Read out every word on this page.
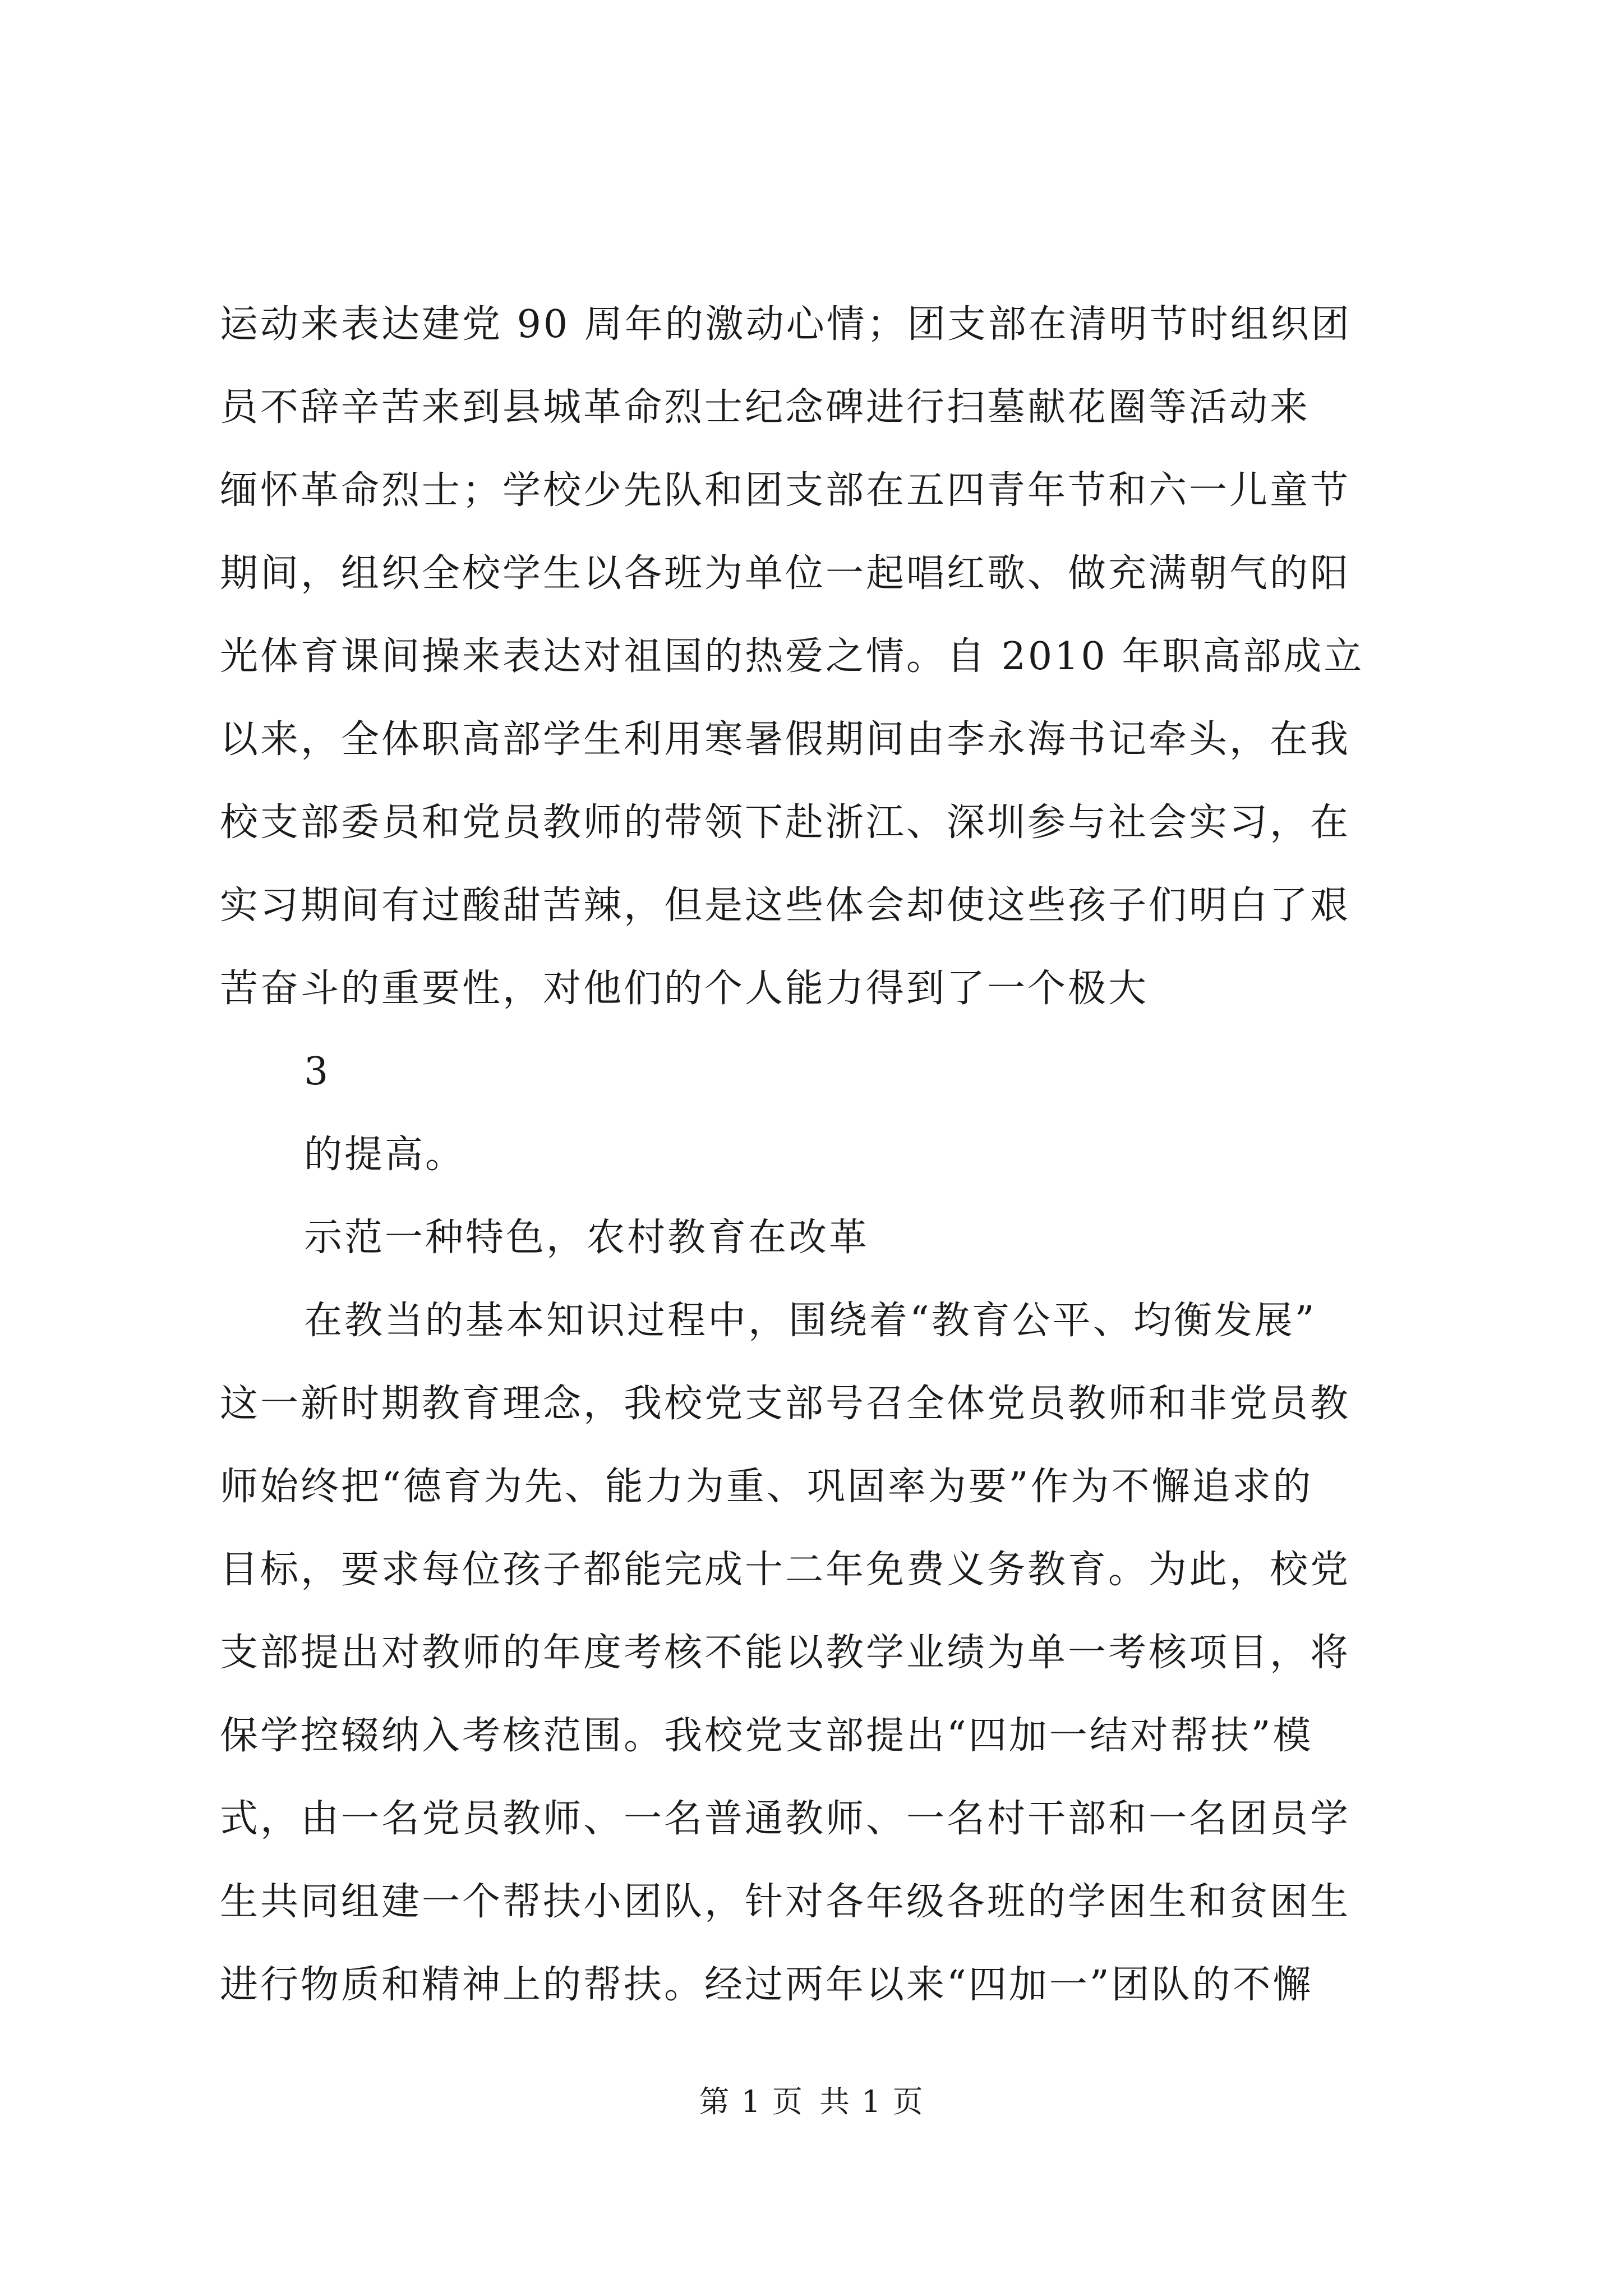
运动来表达建党 90 周年的激动心情；团支部在清明节时组织团

员不辞辛苦来到县城革命烈士纪念碑进行扫墓献花圈等活动来

缅怀革命烈士；学校少先队和团支部在五四青年节和六一儿童节

期间，组织全校学生以各班为单位一起唱红歌、做充满朝气的阳

光体育课间操来表达对祖国的热爱之情。自 2010 年职高部成立

以来，全体职高部学生利用寒暑假期间由李永海书记牵头，在我

校支部委员和党员教师的带领下赴浙江、深圳参与社会实习，在

实习期间有过酸甜苦辣，但是这些体会却使这些孩子们明白了艰

苦奋斗的重要性，对他们的个人能力得到了一个极大

3

的提高。

示范一种特色，农村教育在改革

在教当的基本知识过程中，围绕着“教育公平、均衡发展”

这一新时期教育理念，我校党支部号召全体党员教师和非党员教

师始终把“德育为先、能力为重、巩固率为要”作为不懈追求的

目标，要求每位孩子都能完成十二年免费义务教育。为此，校党

支部提出对教师的年度考核不能以教学业绩为单一考核项目，将

保学控辍纳入考核范围。我校党支部提出“四加一结对帮扶”模

式，由一名党员教师、一名普通教师、一名村干部和一名团员学

生共同组建一个帮扶小团队，针对各年级各班的学困生和贫困生

进行物质和精神上的帮扶。经过两年以来“四加一”团队的不懈

第 1 页 共 1 页
